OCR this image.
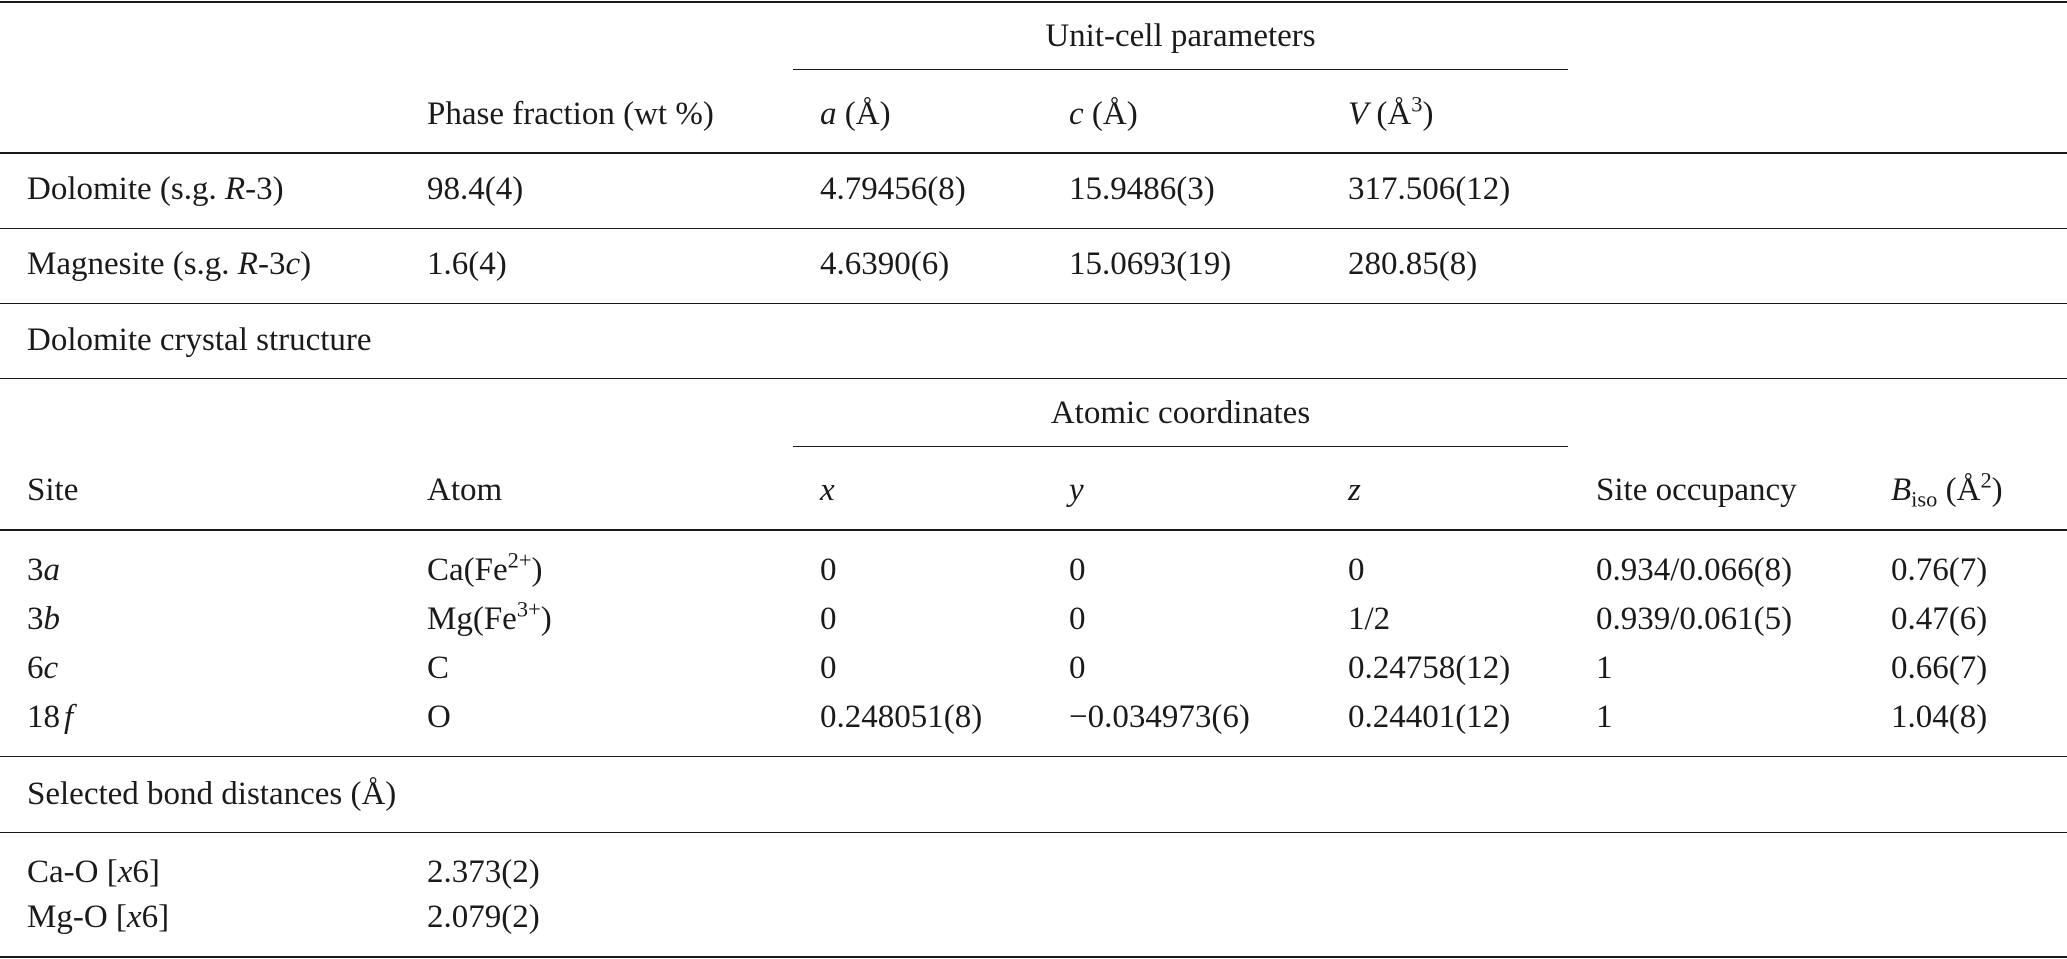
Unit-cell parameters
Phase fraction (wt %)	a (Å)	c (Å)	V $(Å^3)$
Dolomite (s.g. R-3)	98.4(4)	4.79456(8)	15.9486(3)	317.506(12)
Magnesite (s.g. R-3c)	1.6(4)	4.6390(6)	15.0693(19)	280.85(8)
Dolomite crystal structure
Atomic coordinates
Site	Atom	x	y	z	Site occupancy	$B_{iso}$ $(Å^2)$
3a	$Ca(Fe^{2+})$	0	0	0	0.934/0.066(8)	0.76(7)
3b	$Mg(Fe^{3+})$	0	0	1/2	0.939/0.061(5)	0.47(6)
6c	C	0	0	0.24758(12)	1	0.66(7)
18 f	O	0.248051(8)	−0.034973(6)	0.24401(12)	1	1.04(8)
Selected bond distances (Å)
Ca-O [x6]	2.373(2)
Mg-O [x6]	2.079(2)
